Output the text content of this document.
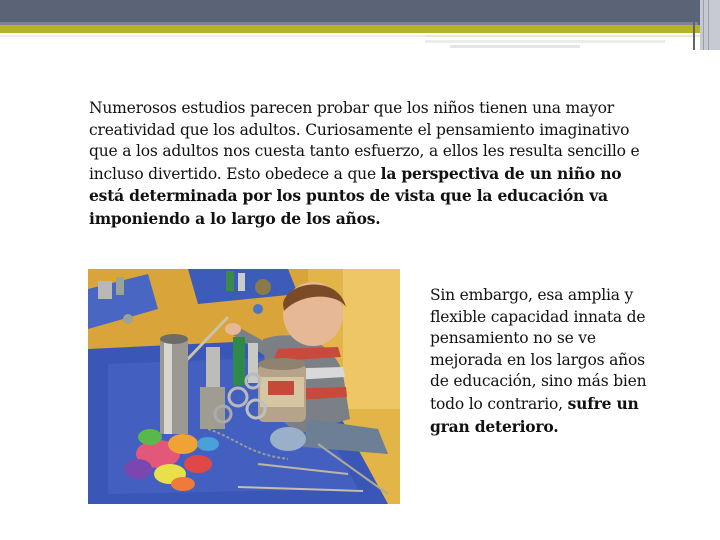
Numerosos estudios parecen probar que los niños tienen una mayor creatividad que los adultos. Curiosamente el pensamiento imaginativo que a los adultos nos cuesta tanto esfuerzo, a ellos les resulta sencillo e incluso divertido. Esto obedece a que la perspectiva de un niño no está determinada por los puntos de vista que la educación va imponiendo a lo largo de los años.

Sin embargo, esa amplia y flexible capacidad innata de pensamiento no se ve mejorada en los largos años de educación, sino más bien todo lo contrario, sufre un gran deterioro.
